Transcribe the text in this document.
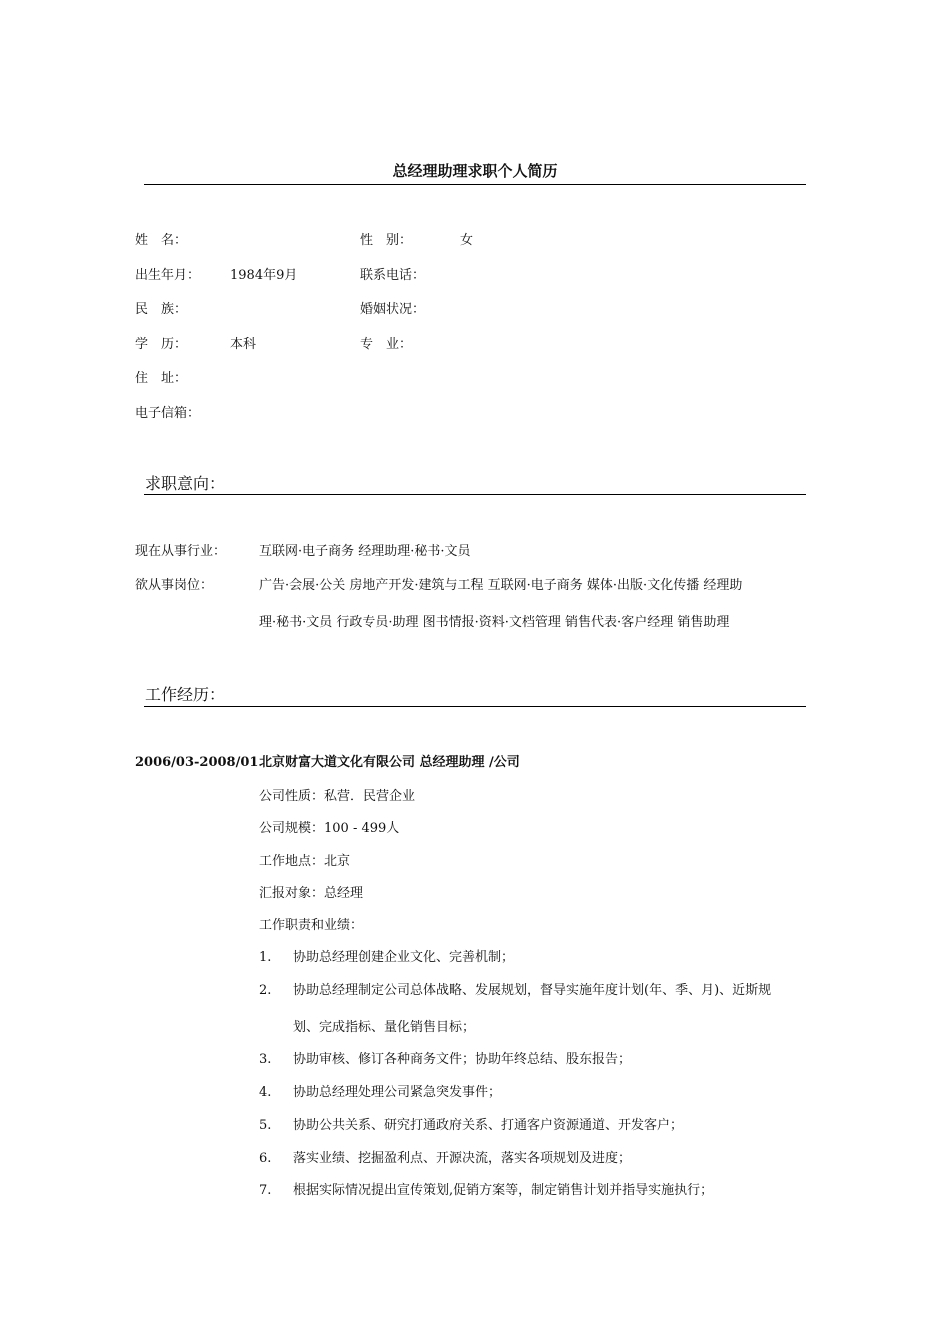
总经理助理求职个人简历
姓　名：	性　别：	女
出生年月： 1984年9月	联系电话：
民　族：	婚姻状况：
学　历：	本科	专　业：
住　址：
电子信箱：
求职意向：
现在从事行业：	互联网·电子商务 经理助理·秘书·文员
欲从事岗位：	广告·会展·公关 房地产开发·建筑与工程 互联网·电子商务 媒体·出版·文化传播 经理助
理·秘书·文员 行政专员·助理 图书情报·资料·文档管理 销售代表·客户经理 销售助理
工作经历：
2006/03-2008/01 北京财富大道文化有限公司 总经理助理 /公司
公司性质：私营．民营企业
公司规模：100 - 499人
工作地点：北京
汇报对象：总经理
工作职责和业绩：
1. 协助总经理创建企业文化、完善机制；
2. 协助总经理制定公司总体战略、发展规划，督导实施年度计划(年、季、月)、近斯规
划、完成指标、量化销售目标；
3. 协助审核、修订各种商务文件；协助年终总结、股东报告；
4. 协助总经理处理公司紧急突发事件；
5. 协助公共关系、研究打通政府关系、打通客户资源通道、开发客户；
6. 落实业绩、挖掘盈利点、开源决流，落实各项规划及进度；
7. 根据实际情况提出宣传策划,促销方案等，制定销售计划并指导实施执行；
